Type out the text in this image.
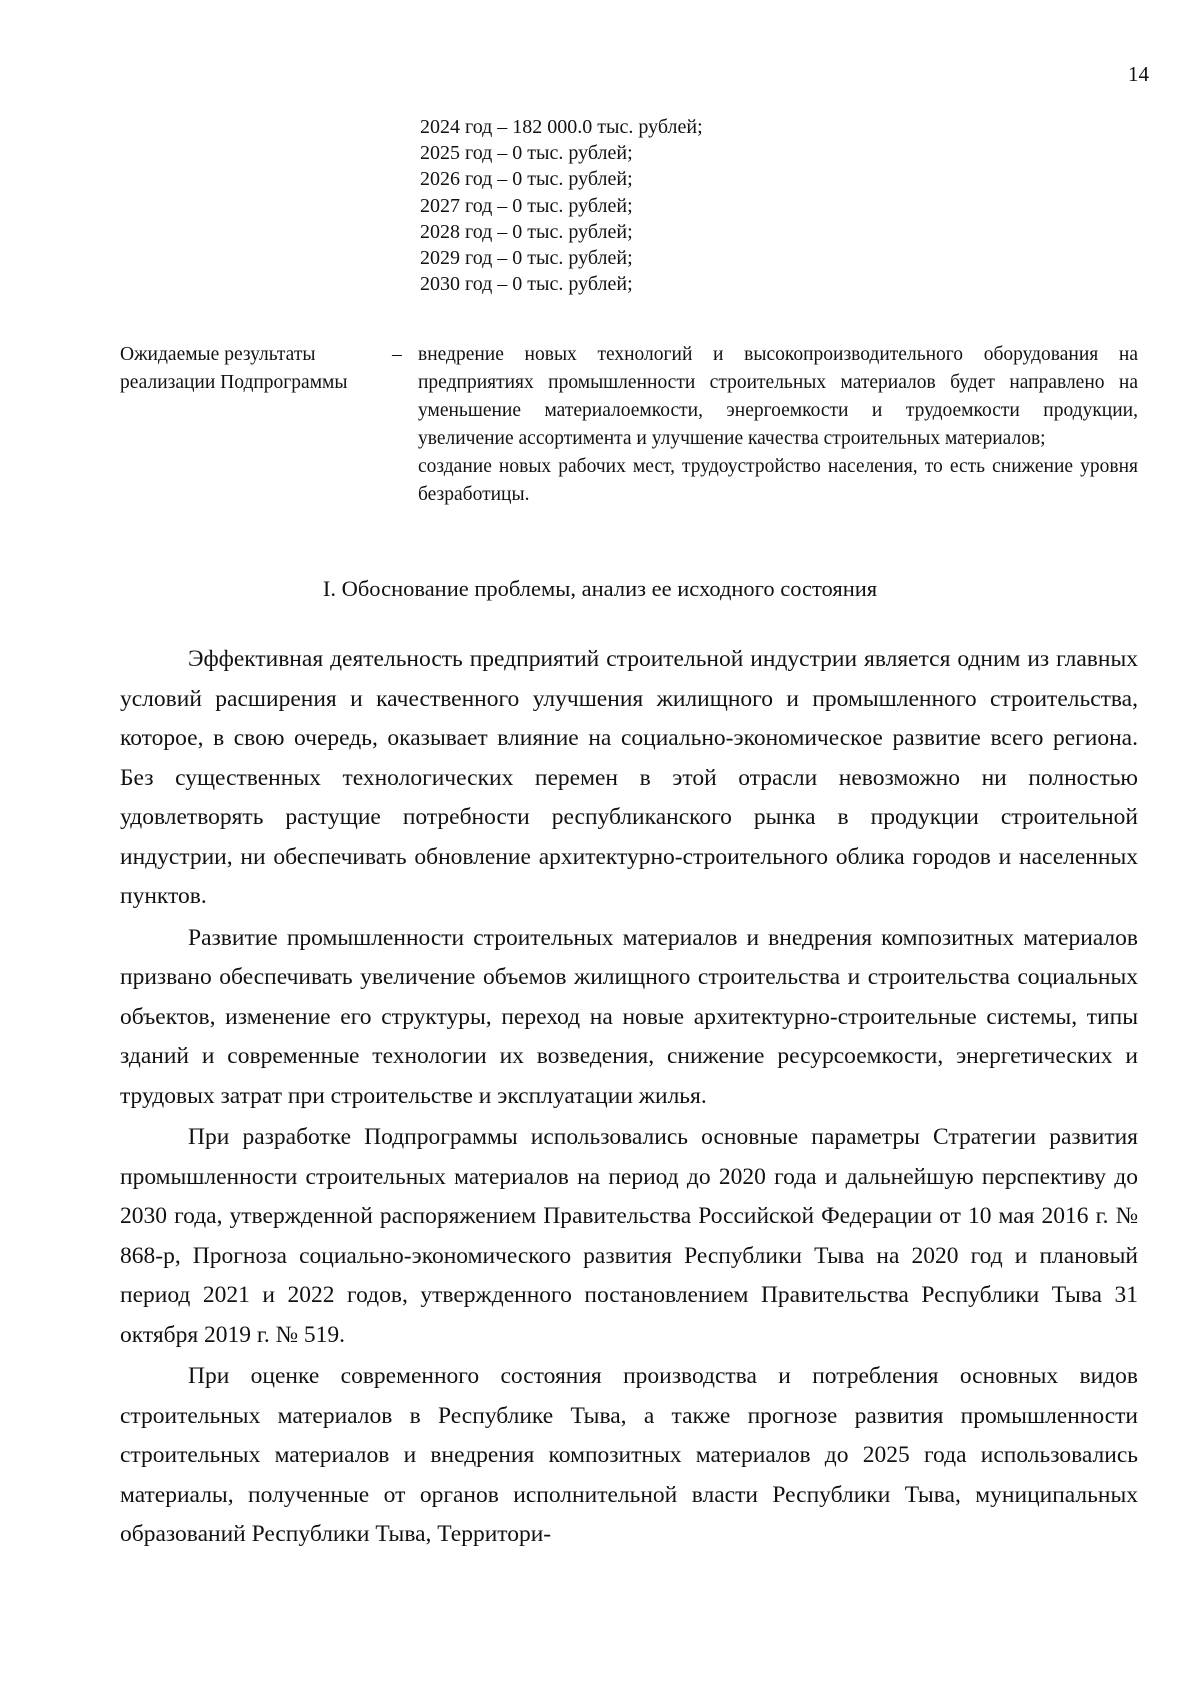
14
2024 год – 182 000.0 тыс. рублей;
2025 год – 0 тыс. рублей;
2026 год – 0 тыс. рублей;
2027 год – 0 тыс. рублей;
2028 год – 0 тыс. рублей;
2029 год – 0 тыс. рублей;
2030 год – 0 тыс. рублей;
Ожидаемые результаты реализации Подпрограммы
– внедрение новых технологий и высокопроизводительного оборудования на предприятиях промышленности строительных материалов будет направлено на уменьшение материалоемкости, энергоемкости и трудоемкости продукции, увеличение ассортимента и улучшение качества строительных материалов;

создание новых рабочих мест, трудоустройство населения, то есть снижение уровня безработицы.

I. Обоснование проблемы, анализ ее исходного состояния

Эффективная деятельность предприятий строительной индустрии является одним из главных условий расширения и качественного улучшения жилищного и промышленного строительства, которое, в свою очередь, оказывает влияние на социально-экономическое развитие всего региона. Без существенных технологических перемен в этой отрасли невозможно ни полностью удовлетворять растущие потребности республиканского рынка в продукции строительной индустрии, ни обеспечивать обновление архитектурно-строительного облика городов и населенных пунктов.

Развитие промышленности строительных материалов и внедрения композитных материалов призвано обеспечивать увеличение объемов жилищного строительства и строительства социальных объектов, изменение его структуры, переход на новые архитектурно-строительные системы, типы зданий и современные технологии их возведения, снижение ресурсоемкости, энергетических и трудовых затрат при строительстве и эксплуатации жилья.

При разработке Подпрограммы использовались основные параметры Стратегии развития промышленности строительных материалов на период до 2020 года и дальнейшую перспективу до 2030 года, утвержденной распоряжением Правительства Российской Федерации от 10 мая 2016 г. № 868-р, Прогноза социально-экономического развития Республики Тыва на 2020 год и плановый период 2021 и 2022 годов, утвержденного постановлением Правительства Республики Тыва 31 октября 2019 г. № 519.

При оценке современного состояния производства и потребления основных видов строительных материалов в Республике Тыва, а также прогнозе развития промышленности строительных материалов и внедрения композитных материалов до 2025 года использовались материалы, полученные от органов исполнительной власти Республики Тыва, муниципальных образований Республики Тыва, Территори-
